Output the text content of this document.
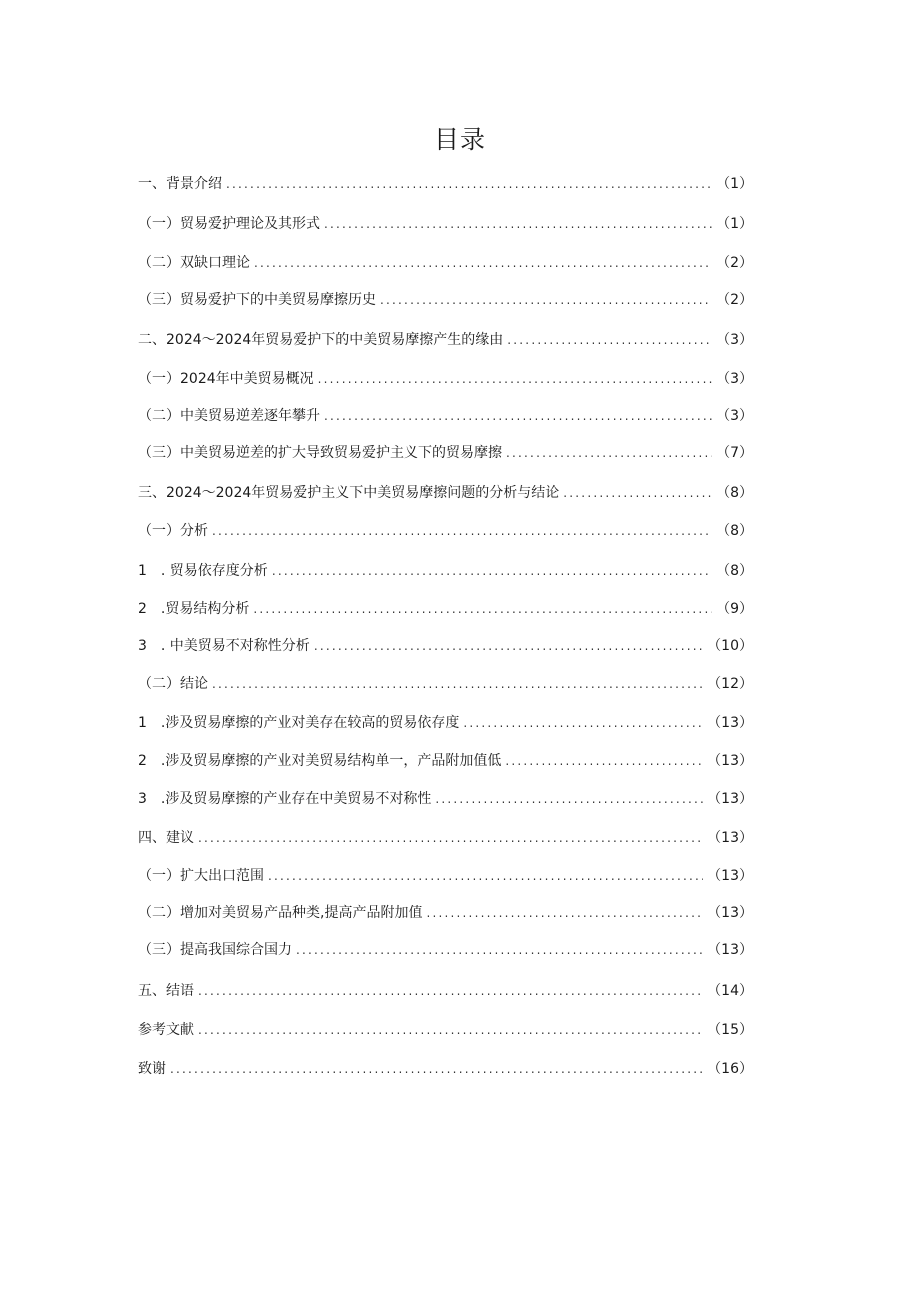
目录
一、背景介绍 .....	（1）
（一）贸易爱护理论及其形式 .....	（1）
（二）双缺口理论 .....	（2）
（三）贸易爱护下的中美贸易摩擦历史 .....	（2）
二、2024～2024年贸易爱护下的中美贸易摩擦产生的缘由 .....	（3）
（一）2024年中美贸易概况 .....	（3）
（二）中美贸易逆差逐年攀升 .....	（3）
（三）中美贸易逆差的扩大导致贸易爱护主义下的贸易摩擦 .....	（7）
三、2024～2024年贸易爱护主义下中美贸易摩擦问题的分析与结论 .....	（8）
（一）分析 .....	（8）
1　. 贸易依存度分析 .....	（8）
2　.贸易结构分析 .....	（9）
3　. 中美贸易不对称性分析 .....	（10）
（二）结论 .....	（12）
1　.涉及贸易摩擦的产业对美存在较高的贸易依存度 .....	（13）
2　.涉及贸易摩擦的产业对美贸易结构单一，产品附加值低 .....	（13）
3　.涉及贸易摩擦的产业存在中美贸易不对称性 .....	（13）
四、建议 .....	（13）
（一）扩大出口范围 .....	（13）
（二）增加对美贸易产品种类,提高产品附加值 .....	（13）
（三）提高我国综合国力 .....	（13）
五、结语 .....	（14）
参考文献 .....	（15）
致谢 .....	（16）
